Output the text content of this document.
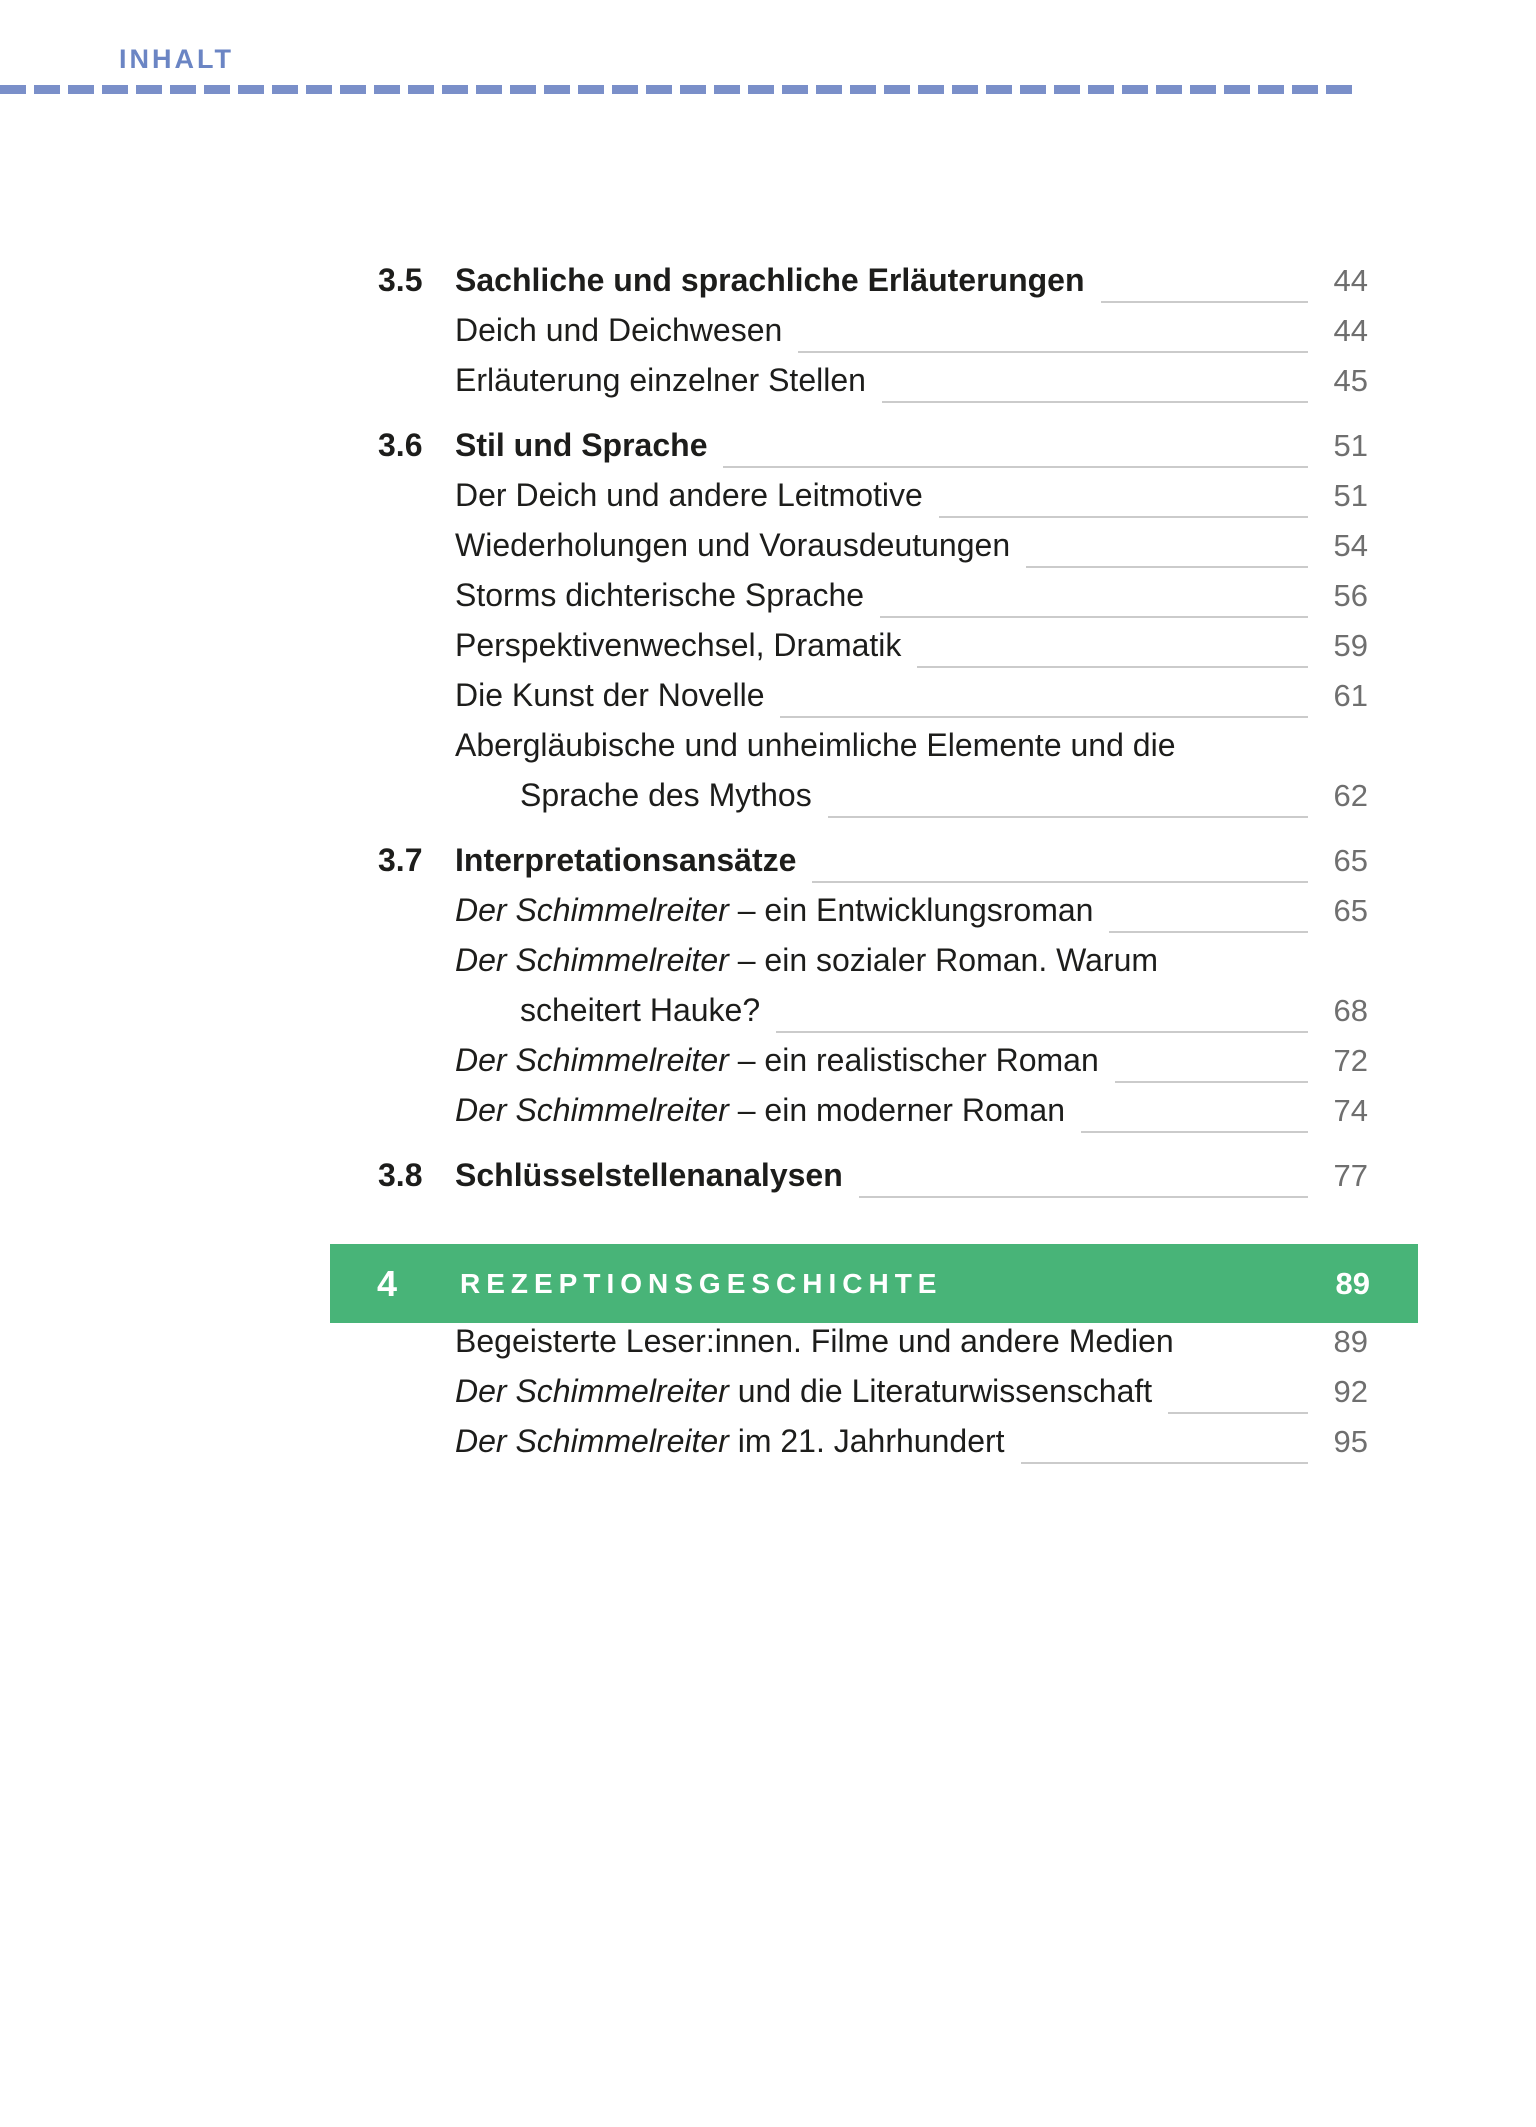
INHALT
3.5	Sachliche und sprachliche Erläuterungen	44
Deich und Deichwesen	44
Erläuterung einzelner Stellen	45
3.6	Stil und Sprache	51
Der Deich und andere Leitmotive	51
Wiederholungen und Vorausdeutungen	54
Storms dichterische Sprache	56
Perspektivenwechsel, Dramatik	59
Die Kunst der Novelle	61
Abergläubische und unheimliche Elemente und die
Sprache des Mythos	62
3.7	Interpretationsansätze	65
Der Schimmelreiter – ein Entwicklungsroman	65
Der Schimmelreiter – ein sozialer Roman. Warum
scheitert Hauke?	68
Der Schimmelreiter – ein realistischer Roman	72
Der Schimmelreiter – ein moderner Roman	74
3.8	Schlüsselstellenanalysen	77
4	REZEPTIONSGESCHICHTE	89
Begeisterte Leser:innen. Filme und andere Medien	89
Der Schimmelreiter und die Literaturwissenschaft	92
Der Schimmelreiter im 21. Jahrhundert	95
